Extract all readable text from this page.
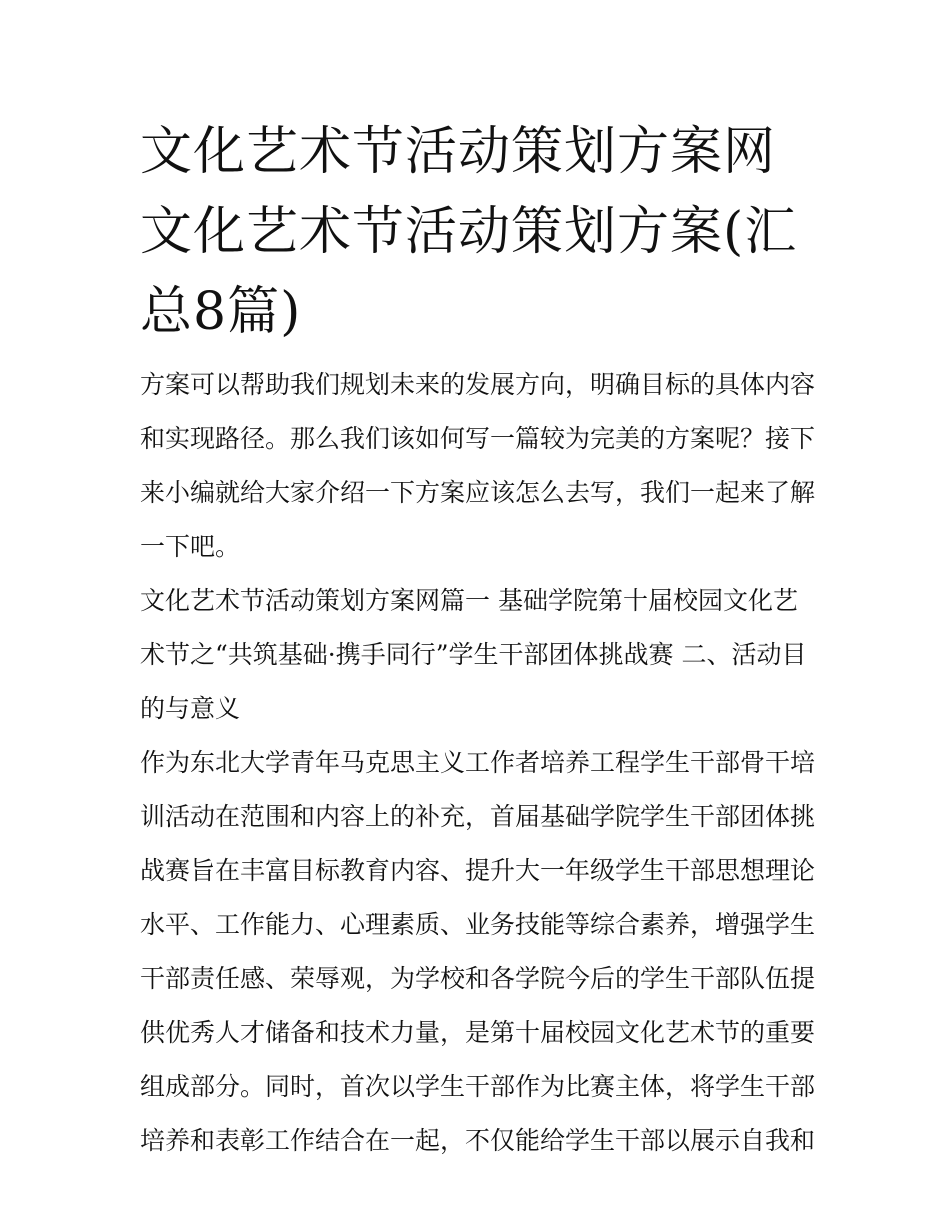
文化艺术节活动策划方案网 文化艺术节活动策划方案(汇总8篇)

方案可以帮助我们规划未来的发展方向，明确目标的具体内容和实现路径。那么我们该如何写一篇较为完美的方案呢？接下来小编就给大家介绍一下方案应该怎么去写，我们一起来了解一下吧。

文化艺术节活动策划方案网篇一 基础学院第十届校园文化艺术节之“共筑基础·携手同行”学生干部团体挑战赛 二、活动目的与意义

作为东北大学青年马克思主义工作者培养工程学生干部骨干培训活动在范围和内容上的补充，首届基础学院学生干部团体挑战赛旨在丰富目标教育内容、提升大一年级学生干部思想理论水平、工作能力、心理素质、业务技能等综合素养，增强学生干部责任感、荣辱观，为学校和各学院今后的学生干部队伍提供优秀人才储备和技术力量，是第十届校园文化艺术节的重要组成部分。同时，首次以学生干部作为比赛主体，将学生干部培养和表彰工作结合在一起，不仅能给学生干部以展示自我和
